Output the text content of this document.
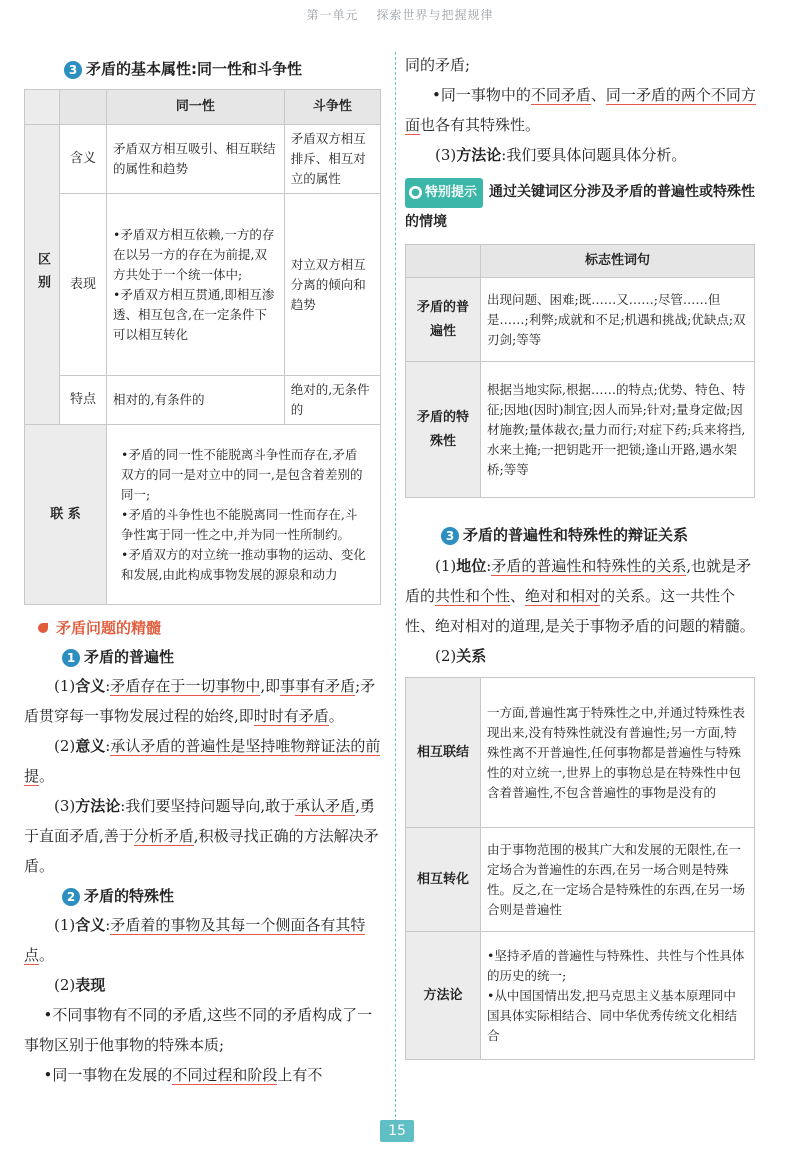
第一单元 探索世界与把握规律
3 矛盾的基本属性:同一性和斗争性
		同一性	斗争性
区别	含义	矛盾双方相互吸引、相互联结的属性和趋势	矛盾双方相互排斥、相互对立的属性
	表现	•矛盾双方相互依赖,一方的存在以另一方的存在为前提,双方共处于一个统一体中;
•矛盾双方相互贯通,即相互渗透、相互包含,在一定条件下可以相互转化	对立双方相互分离的倾向和趋势
	特点	相对的,有条件的	绝对的,无条件的
联 系		•矛盾的同一性不能脱离斗争性而存在,矛盾双方的同一是对立中的同一,是包含着差别的同一;
•矛盾的斗争性也不能脱离同一性而存在,斗争性寓于同一性之中,并为同一性所制约。
•矛盾双方的对立统一推动事物的运动、变化和发展,由此构成事物发展的源泉和动力	
矛盾问题的精髓
1 矛盾的普遍性

(1)含义:矛盾存在于一切事物中,即事事有矛盾;矛盾贯穿每一事物发展过程的始终,即时时有矛盾。

(2)意义:承认矛盾的普遍性是坚持唯物辩证法的前提。

(3)方法论:我们要坚持问题导向,敢于承认矛盾,勇于直面矛盾,善于分析矛盾,积极寻找正确的方法解决矛盾。

2 矛盾的特殊性

(1)含义:矛盾着的事物及其每一个侧面各有其特点。

(2)表现

•不同事物有不同的矛盾,这些不同的矛盾构成了一事物区别于他事物的特殊本质;

•同一事物在发展的不同过程和阶段上有不

同的矛盾;

•同一事物中的不同矛盾、同一矛盾的两个不同方面也各有其特殊性。

(3)方法论:我们要具体问题具体分析。

● 特别提示 通过关键词区分涉及矛盾的普遍性或特殊性的情境
	标志性词句
矛盾的普遍性	出现问题、困难;既……又……;尽管……但是……;利弊;成就和不足;机遇和挑战;优缺点;双刃剑;等等
矛盾的特殊性	根据当地实际,根据……的特点;优势、特色、特征;因地(因时)制宜;因人而异;针对;量身定做;因材施教;量体裁衣;量力而行;对症下药;兵来将挡,水来土掩;一把钥匙开一把锁;逢山开路,遇水架桥;等等
3 矛盾的普遍性和特殊性的辩证关系

(1)地位:矛盾的普遍性和特殊性的关系,也就是矛盾的共性和个性、绝对和相对的关系。这一共性个性、绝对相对的道理,是关于事物矛盾的问题的精髓。

(2)关系

相互联结	一方面,普遍性寓于特殊性之中,并通过特殊性表现出来,没有特殊性就没有普遍性;另一方面,特殊性离不开普遍性,任何事物都是普遍性与特殊性的对立统一,世界上的事物总是在特殊性中包含着普遍性,不包含普遍性的事物是没有的
相互转化	由于事物范围的极其广大和发展的无限性,在一定场合为普遍性的东西,在另一场合则是特殊性。反之,在一定场合是特殊性的东西,在另一场合则是普遍性
方法论	•坚持矛盾的普遍性与特殊性、共性与个性具体的历史的统一;
•从中国国情出发,把马克思主义基本原理同中国具体实际相结合、同中华优秀传统文化相结合
15
